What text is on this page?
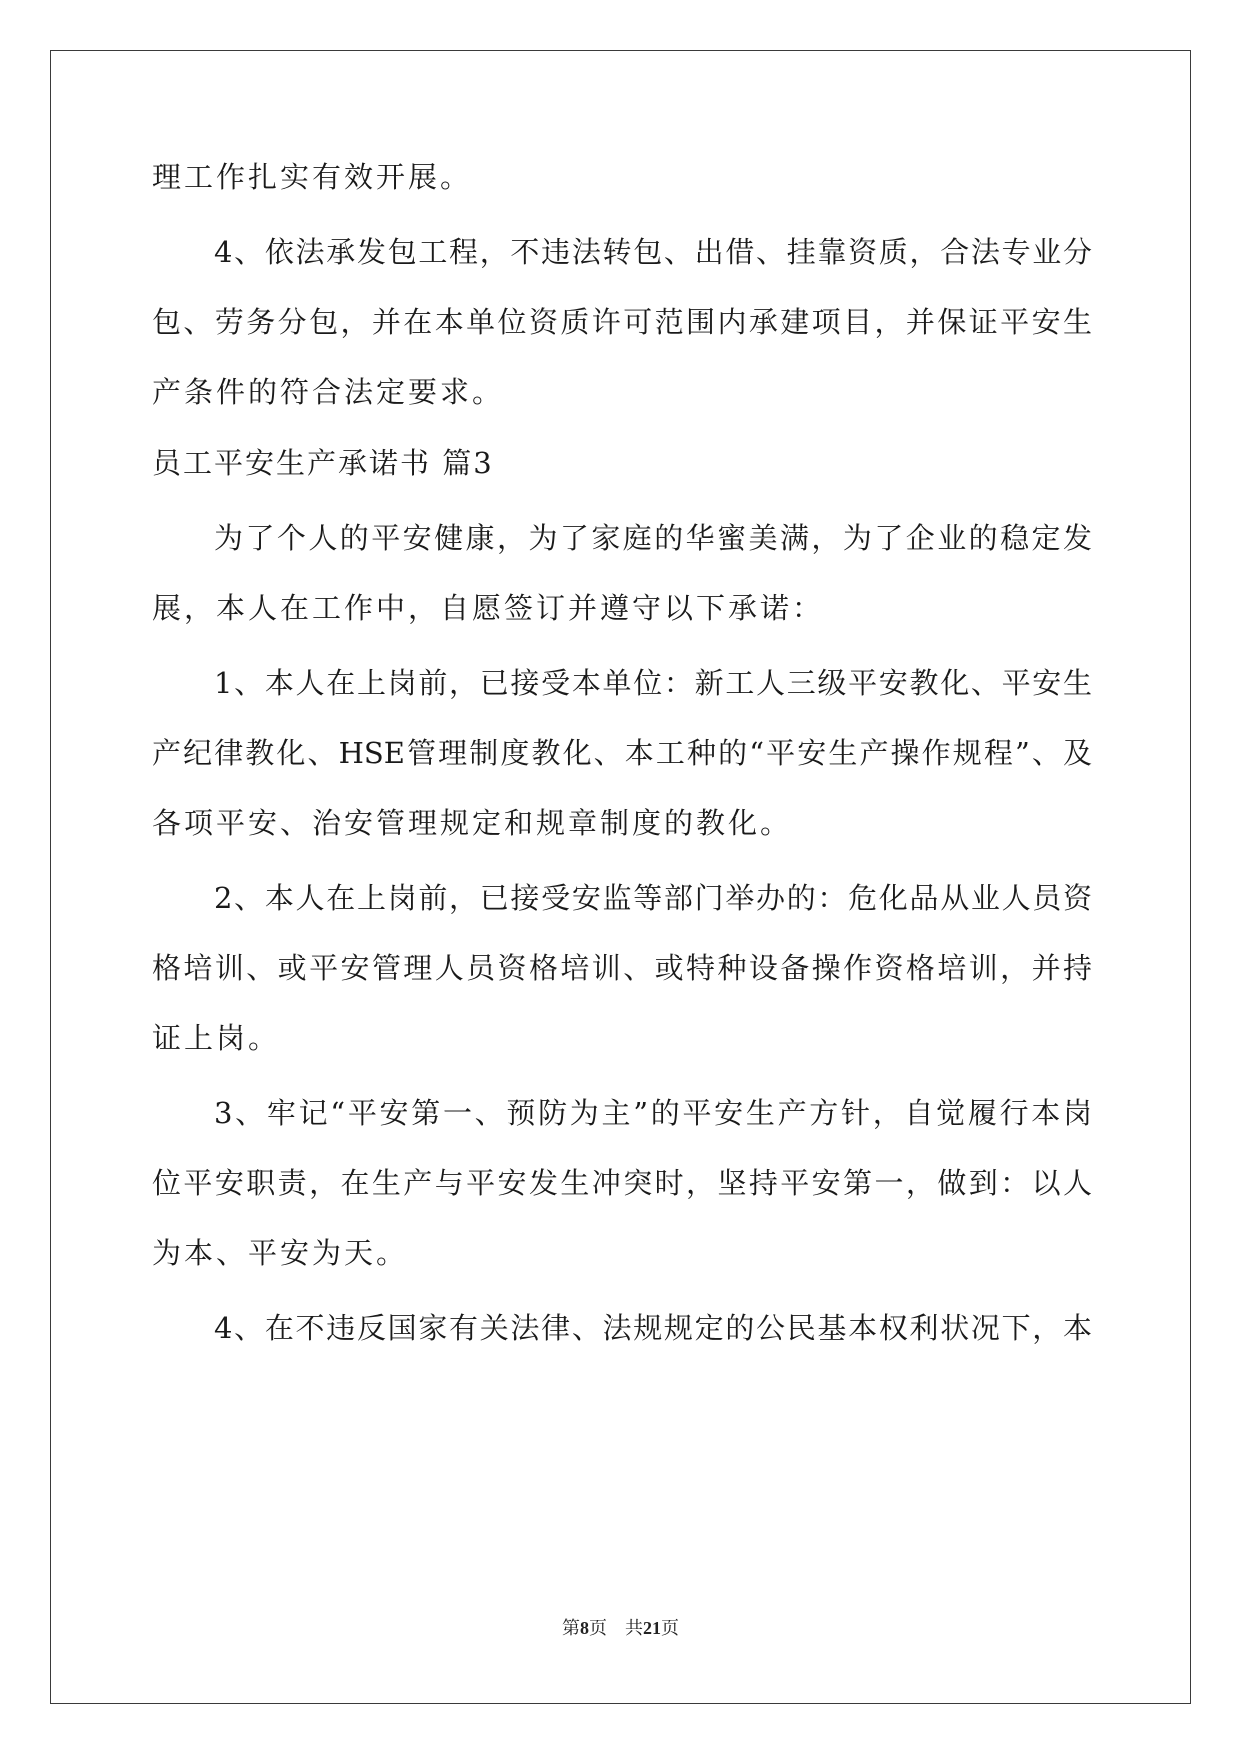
理工作扎实有效开展。
4、依法承发包工程，不违法转包、出借、挂靠资质，合法专业分
包、劳务分包，并在本单位资质许可范围内承建项目，并保证平安生
产条件的符合法定要求。
员工平安生产承诺书 篇3
为了个人的平安健康，为了家庭的华蜜美满，为了企业的稳定发
展，本人在工作中，自愿签订并遵守以下承诺：
1、本人在上岗前，已接受本单位：新工人三级平安教化、平安生
产纪律教化、HSE管理制度教化、本工种的“平安生产操作规程”、及
各项平安、治安管理规定和规章制度的教化。
2、本人在上岗前，已接受安监等部门举办的：危化品从业人员资
格培训、或平安管理人员资格培训、或特种设备操作资格培训，并持
证上岗。
3、牢记“平安第一、预防为主”的平安生产方针，自觉履行本岗
位平安职责，在生产与平安发生冲突时，坚持平安第一，做到：以人
为本、平安为天。
4、在不违反国家有关法律、法规规定的公民基本权利状况下，本
第8页 共21页
